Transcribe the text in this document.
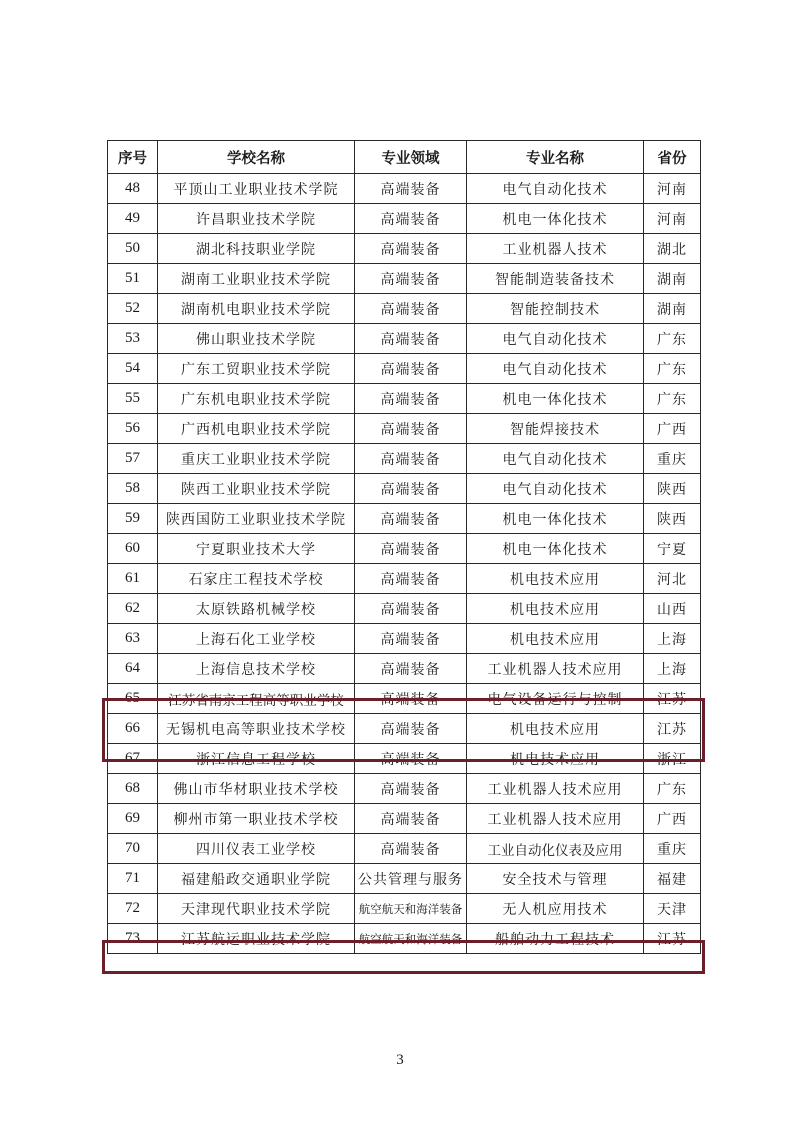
序号	学校名称	专业领域	专业名称	省份
48	平顶山工业职业技术学院	高端装备	电气自动化技术	河南
49	许昌职业技术学院	高端装备	机电一体化技术	河南
50	湖北科技职业学院	高端装备	工业机器人技术	湖北
51	湖南工业职业技术学院	高端装备	智能制造装备技术	湖南
52	湖南机电职业技术学院	高端装备	智能控制技术	湖南
53	佛山职业技术学院	高端装备	电气自动化技术	广东
54	广东工贸职业技术学院	高端装备	电气自动化技术	广东
55	广东机电职业技术学院	高端装备	机电一体化技术	广东
56	广西机电职业技术学院	高端装备	智能焊接技术	广西
57	重庆工业职业技术学院	高端装备	电气自动化技术	重庆
58	陕西工业职业技术学院	高端装备	电气自动化技术	陕西
59	陕西国防工业职业技术学院	高端装备	机电一体化技术	陕西
60	宁夏职业技术大学	高端装备	机电一体化技术	宁夏
61	石家庄工程技术学校	高端装备	机电技术应用	河北
62	太原铁路机械学校	高端装备	机电技术应用	山西
63	上海石化工业学校	高端装备	机电技术应用	上海
64	上海信息技术学校	高端装备	工业机器人技术应用	上海
65	江苏省南京工程高等职业学校	高端装备	电气设备运行与控制	江苏
66	无锡机电高等职业技术学校	高端装备	机电技术应用	江苏
67	浙江信息工程学校	高端装备	机电技术应用	浙江
68	佛山市华材职业技术学校	高端装备	工业机器人技术应用	广东
69	柳州市第一职业技术学校	高端装备	工业机器人技术应用	广西
70	四川仪表工业学校	高端装备	工业自动化仪表及应用	重庆
71	福建船政交通职业学院	公共管理与服务	安全技术与管理	福建
72	天津现代职业技术学院	航空航天和海洋装备	无人机应用技术	天津
73	江苏航运职业技术学院	航空航天和海洋装备	船舶动力工程技术	江苏
3
